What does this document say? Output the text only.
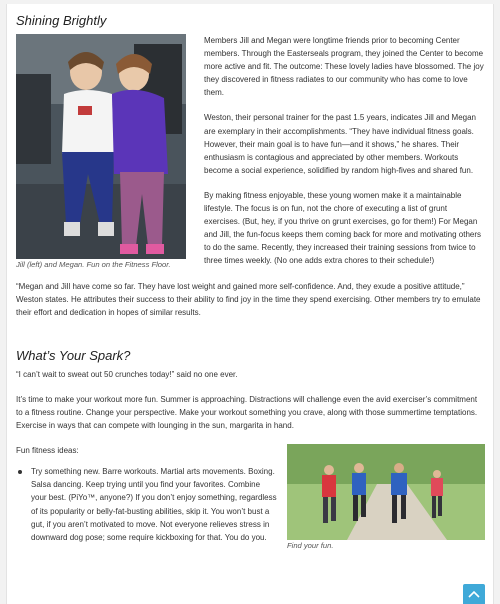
Shining Brightly

Jill (left) and Megan. Fun on the Fitness Floor.

Members Jill and Megan were longtime friends prior to becoming Center members. Through the Easterseals program, they joined the Center to become more active and fit. The outcome: These lovely ladies have blossomed. The joy they discovered in fitness radiates to our community who has come to love them.

Weston, their personal trainer for the past 1.5 years, indicates Jill and Megan are exemplary in their accomplishments. “They have individual fitness goals. However, their main goal is to have fun—and it shows,” he shares. Their enthusiasm is contagious and appreciated by other members. Workouts become a social experience, solidified by random high-fives and shared fun.

By making fitness enjoyable, these young women make it a maintainable lifestyle. The focus is on fun, not the chore of executing a list of grunt exercises. (But, hey, if you thrive on grunt exercises, go for them!) For Megan and Jill, the fun-focus keeps them coming back for more and motivating others to do the same. Recently, they increased their training sessions from twice to three times weekly. (No one adds extra chores to their schedule!)

“Megan and Jill have come so far. They have lost weight and gained more self-confidence. And, they exude a positive attitude,” Weston states. He attributes their success to their ability to find joy in the time they spend exercising. Other members try to emulate their effort and dedication in hopes of similar results.

What’s Your Spark?

“I can’t wait to sweat out 50 crunches today!” said no one ever.

It’s time to make your workout more fun. Summer is approaching. Distractions will challenge even the avid exerciser’s commitment to a fitness routine. Change your perspective. Make your workout something you crave, along with those summertime temptations. Exercise in ways that can compete with lounging in the sun, margarita in hand.

Find your fun.

Fun fitness ideas:

Try something new. Barre workouts. Martial arts movements. Boxing. Salsa dancing. Keep trying until you find your favorites. Combine your best. (PiYo™, anyone?) If you don’t enjoy something, regardless of its popularity or belly-fat-busting abilities, skip it. You won’t bust a gut, if you aren’t motivated to move. Not everyone relieves stress in downward dog pose; some require kickboxing for that. You do you.
